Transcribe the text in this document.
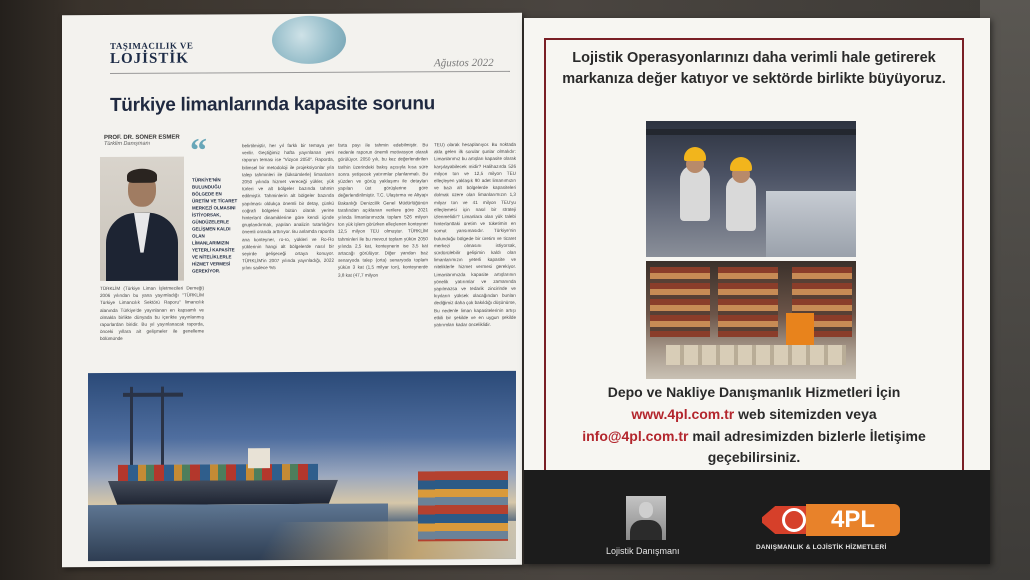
TAŞIMACILIK VE
LOJİSTİK	Ağustos 2022
Türkiye limanlarında kapasite sorunu
PROF. DR. SONER ESMER
Türklim Danışmanı	“
TÜRKİYE'NİN BULUNDUĞU BÖLGEDE EN ÜRETİM VE TİCARET MERKEZİ OLMASINI İSTİYORSAK, GÜNDÜZELERLE GELİŞMEN KALDI OLAN LİMANLARIMIZIN YETERLİ KAPASİTE VE NİTELİKLERLE HİZMET VERMESİ GEREKİYOR.

TÜRKLİM (Türkiye Liman İşletmecileri Derneği) 2006 yılından bu yana yayımladığı "TÜRKLİM Türkiye Limancılık Sektörü Raporu" limancılık alanında Türkiye'de yayınlanan en kapsamlı ve olmakla birlikte dünyada bu içerikte yayınlanmış raporlardan biridir. Bu yıl yayınlanacak raporda, önceki yıllara ait gelişmeler ile genelleme bölümünde

belirtilmiştir, her yıl farklı bir temaya yer verilir. Geçtiğimiz hafta yayınlanan yeni raporun teması ise "Vizyon 2050". Raporda, bilimsel bir metodoloji ile projeksiyonlar yıla talep tahminleri ile (lüksümlerle) limanların 2050 yılında hizmet vereceği yükler, yük türleri ve alt bölgeler bazında tahmin edilmiştir. Tahminlerin alt bölgeler bazında yapılması oldukça önemli bir detay, çünkü coğrafi bölgeleri bütün olarak yerine hinterlant dinamiklerine göre kendi içinde gruplandırmak, yapılan analizin tutarlılığını önemli oranda arttırıyor. Bu anlamda raporda ana konteyner, ro-ro, yükleri ve Ro-Ro yüklerinin hangi alt bölgelerde nasıl bir seyirde gelişeceği ortaya konuyor. TÜRKLİM'in 2007 yılında yayınladığı, 2022 yılını sadece %5

farta payı ile tahmin edebilmiştir. Bu nedenle raporun önemli motivasyon olarak görülüyor. 2050 yılı, bu kez değerlendirilen tarihin üzerindeki bakış açısıyla kısa süre sonra yetişecek yatırımlar planlanmalı. Bu yüzden ve görüş yaklaşımı ile detayları yapılan üst görüşlerine göre değerlendirilmiştir. T.C. Ulaştırma ve Altyapı Bakanlığı Denizcilik Genel Müdürlüğünün tarafından açıklanan verilere göre 2021 yılında limanlarımızda toplam 526 milyon ton yük işlem görürken elleçlenen konteyner 12,5 milyon TEU olmuştur. TÜRKLİM tahminleri ile bu mevcut toplam yükün 2050 yılında 2,5 kat, konteynerin ise 3,5 kat artacağı görülüyor. Diğer yandan baz senaryoda talep (orta) senaryoda toplam yükün 3 kat (1,5 milyar ton), konteynerde 3,8 kat (47,7 milyon

TEU) olarak hesaplanıyor. Bu noktada akla gelen ilk sorular şunlar olmalıdır: Limanlarımız bu artışları kapasite olarak karşılayabilecek midir? Halihazırda 526 milyon ton ve 12,5 milyon TEU elleçleyen yaklaşık 90 adet limanımızın ve bazı alt bölgelerde kapasiteleri dolmak üzere olan limanlarımızın 1,3 milyar ton ve 41 milyon TEU'yu elleçlemesi için nasıl bir strateji izlenmelidir? Limanlara olan yük talebi hinterlanttaki üretim ve tüketimin en somut yansımasıdır. Türkiye'nin bulunduğu bölgede bir üretim ve ticaret merkezi olmasını istiyorsak, sürdürülebilir gelişimin kaldı olan limanlarımızın yeterli kapasite ve niteliklerle hizmet vermesi gerekiyor. Limanlarımızda kapasite artışlarının yönelik yatırımlar ve zamanında yapılmazsa ve tedarik zincirinde ve kıyıların yüksek olacağından bunları dediğimiz daha çok bakıldığı düşünürse, Bu nedenle liman kapasitelerinin artışı etkili bir şekilde ve en uygun şekilde yatırımları kadar önceliklidir.

Lojistik Operasyonlarınızı daha verimli hale getirerek markanıza değer katıyor ve sektörde birlikte büyüyoruz.
Depo ve Nakliye Danışmanlık Hizmetleri İçin
www.4pl.com.tr web sitemizden veya
info@4pl.com.tr mail adresimizden bizlerle İletişime
geçebilirsiniz.
Lojistik Danışmanı
4PL
DANIŞMANLIK & LOJİSTİK HİZMETLERİ
